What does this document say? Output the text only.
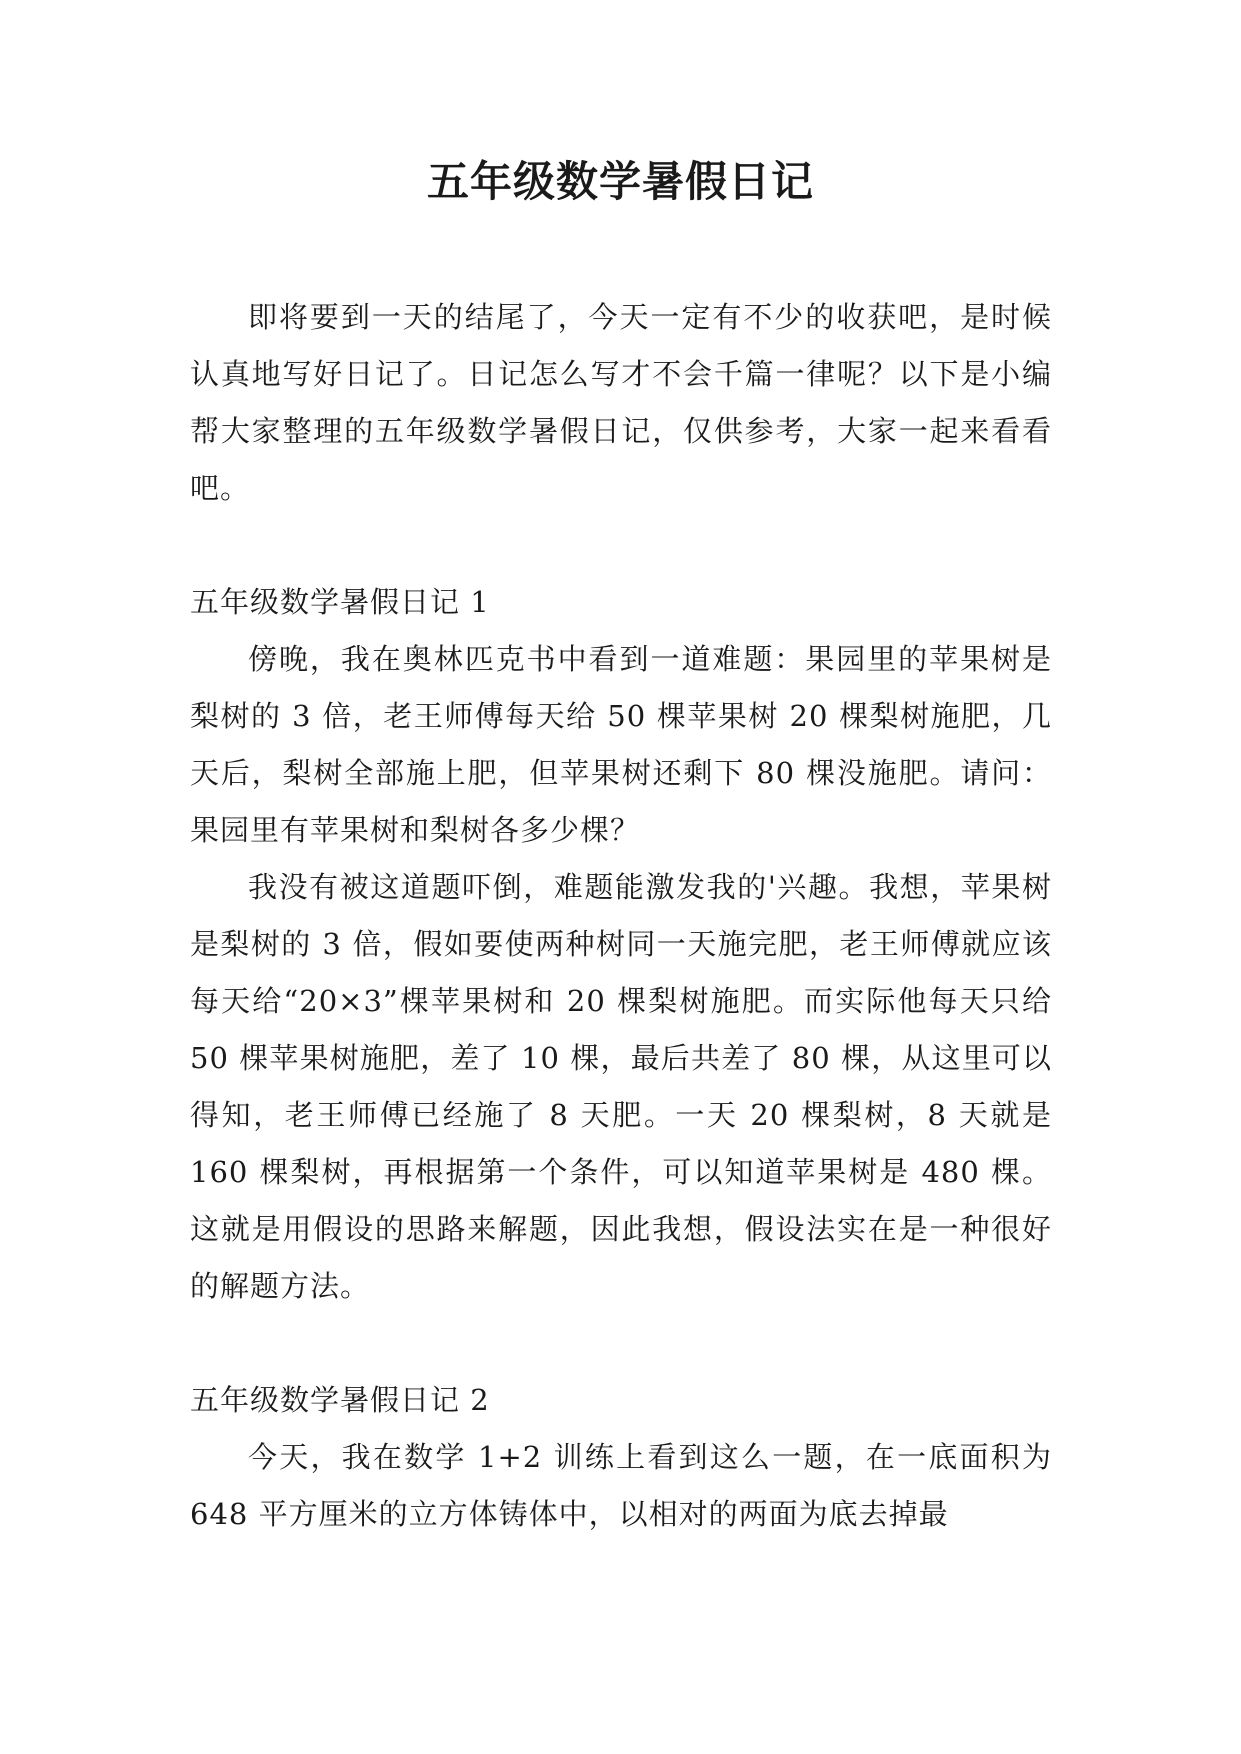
五年级数学暑假日记

即将要到一天的结尾了，今天一定有不少的收获吧，是时候认真地写好日记了。日记怎么写才不会千篇一律呢？以下是小编帮大家整理的五年级数学暑假日记，仅供参考，大家一起来看看吧。

五年级数学暑假日记 1

傍晚，我在奥林匹克书中看到一道难题：果园里的苹果树是梨树的 3 倍，老王师傅每天给 50 棵苹果树 20 棵梨树施肥，几天后，梨树全部施上肥，但苹果树还剩下 80 棵没施肥。请问：果园里有苹果树和梨树各多少棵？

我没有被这道题吓倒，难题能激发我的'兴趣。我想，苹果树是梨树的 3 倍，假如要使两种树同一天施完肥，老王师傅就应该每天给“20×3”棵苹果树和 20 棵梨树施肥。而实际他每天只给 50 棵苹果树施肥，差了 10 棵，最后共差了 80 棵，从这里可以得知，老王师傅已经施了 8 天肥。一天 20 棵梨树，8 天就是 160 棵梨树，再根据第一个条件，可以知道苹果树是 480 棵。这就是用假设的思路来解题，因此我想，假设法实在是一种很好的解题方法。

五年级数学暑假日记 2

今天，我在数学 1+2 训练上看到这么一题，在一底面积为 648 平方厘米的立方体铸体中，以相对的两面为底去掉最
